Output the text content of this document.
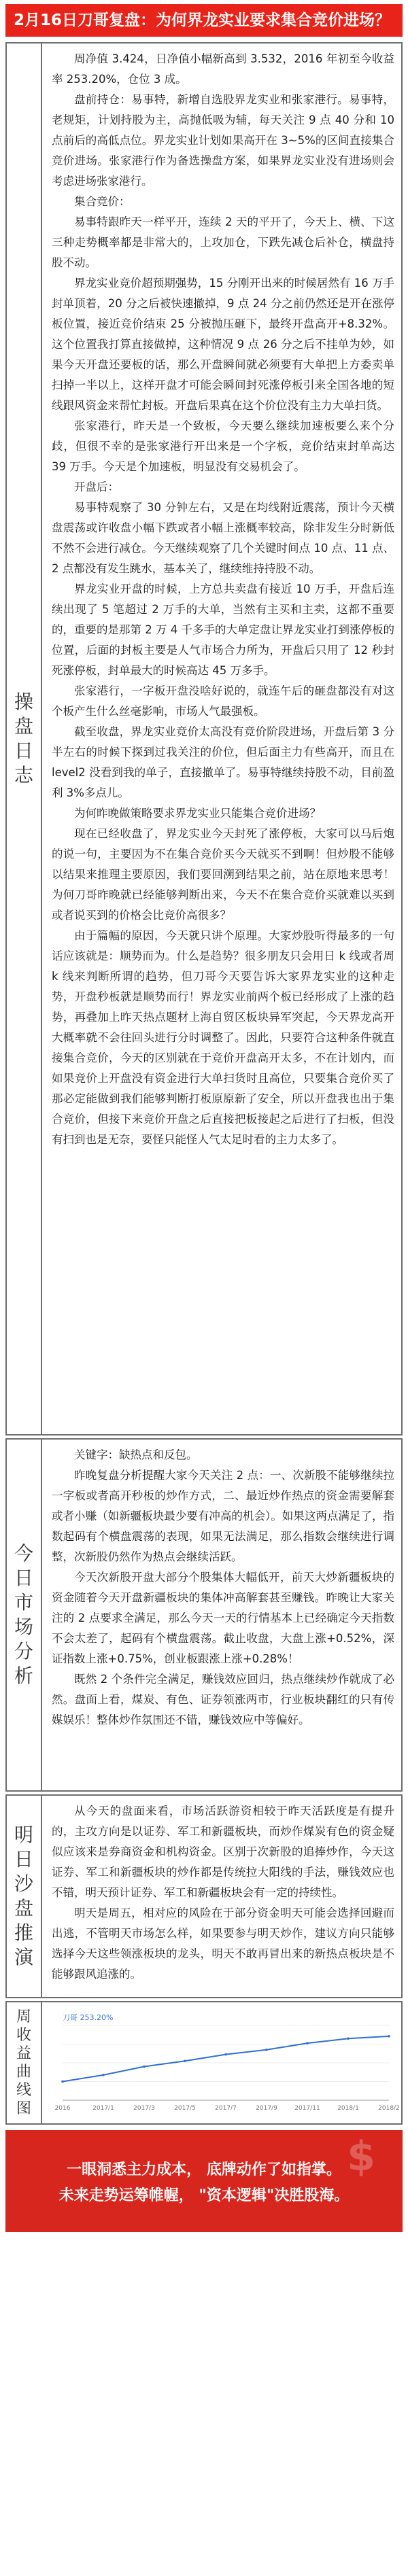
2月16日刀哥复盘：为何界龙实业要求集合竞价进场？
操盘日志

周净值 3.424，日净值小幅新高到 3.532，2016 年初至今收益率 253.20%，仓位 3 成。

盘前持仓：易事特，新增自选股界龙实业和张家港行。易事特，老规矩，计划持股为主，高抛低吸为辅，每天关注 9 点 40 分和 10 点前后的高低点位。界龙实业计划如果高开在 3~5%的区间直接集合竞价进场。张家港行作为备选操盘方案，如果界龙实业没有进场则会考虑进场张家港行。

集合竞价：

易事特跟昨天一样平开，连续 2 天的平开了，今天上、横、下这三种走势概率都是非常大的，上攻加仓，下跌先减仓后补仓，横盘持股不动。

界龙实业竞价超预期强势，15 分刚开出来的时候居然有 16 万手封单顶着，20 分之后被快速撤掉，9 点 24 分之前仍然还是开在涨停板位置，接近竞价结束 25 分被抛压砸下，最终开盘高开+8.32%。这个位置我打算直接做掉，这种情况 9 点 26 分之后不挂单为妙，如果今天开盘还要板的话，那么开盘瞬间就必须要有大单把上方委卖单扫掉一半以上，这样开盘才可能会瞬间封死涨停板引来全国各地的短线跟风资金来帮忙封板。开盘后果真在这个价位没有主力大单扫货。

张家港行，昨天是一个致板，今天要么继续加速板要么来个分歧，但很不幸的是张家港行开出来是一个字板，竞价结束封单高达 39 万手。今天是个加速板，明显没有交易机会了。

开盘后：

易事特观察了 30 分钟左右，又是在均线附近震荡，预计今天横盘震荡或许收盘小幅下跌或者小幅上涨概率较高，除非发生分时新低不然不会进行减仓。今天继续观察了几个关键时间点 10 点、11 点、2 点都没有发生跳水，基本关了，继续维持持股不动。

界龙实业开盘的时候，上方总共卖盘有接近 10 万手，开盘后连续出现了 5 笔超过 2 万手的大单，当然有主买和主卖，这都不重要的，重要的是那第 2 万 4 千多手的大单定盘让界龙实业打到涨停板的位置，后面的封板主要是人气市场合力所为，开盘后只用了 12 秒封死涨停板，封单最大的时候高达 45 万多手。

张家港行，一字板开盘没啥好说的，就连午后的砸盘都没有对这个板产生什么丝毫影响，市场人气最强板。

截至收盘，界龙实业竞价太高没有竞价阶段进场，开盘后第 3 分半左右的时候下探到过我关注的价位，但后面主力有些高开，而且在 level2 没看到我的单子，直接撤单了。易事特继续持股不动，目前盈利 3%多点儿。

为何昨晚做策略要求界龙实业只能集合竞价进场？

现在已经收盘了，界龙实业今天封死了涨停板，大家可以马后炮的说一句，主要因为不在集合竞价买今天就买不到啊！但炒股不能够以结果来推理主要原因，我们要回溯到结果之前，站在原地来思考！为何刀哥昨晚就已经能够判断出来，今天不在集合竞价买就难以买到或者说买到的价格会比竞价高很多？

由于篇幅的原因，今天就只讲个原理。大家炒股听得最多的一句话应该就是：顺势而为。什么是趋势？很多朋友只会用日 k 线或者周 k 线来判断所谓的趋势，但刀哥今天要告诉大家界龙实业的这种走势，开盘秒板就是顺势而行！界龙实业前两个板已经形成了上涨的趋势，再叠加上昨天热点题材上海自贸区板块异军突起，今天界龙高开大概率就不会往回头进行分时调整了。因此，只要符合这种条件就直接集合竞价，今天的区别就在于竞价开盘高开太多，不在计划内，而如果竞价上开盘没有资金进行大单扫货时且高位，只要集合竞价买了那必定能做到我们能够判断打板原原新了安全，所以开盘我也出于集合竞价，但接下来竞价开盘之后直接把板接起之后进行了扫板，但没有扫到也是无奈，要怪只能怪人气太足时看的主力太多了。

今日市场分析

关键字：缺热点和反包。

昨晚复盘分析提醒大家今天关注 2 点：一、次新股不能够继续拉一字板或者高开秒板的炒作方式，二、最近炒作热点的资金需要解套或者小赚（如新疆板块最少要有冲高的机会）。如果这两点满足了，指数起码有个横盘震荡的表现，如果无法满足，那么指数会继续进行调整，次新股仍然作为热点会继续活跃。

今天次新股开盘大部分个股集体大幅低开，前天大炒新疆板块的资金随着今天开盘新疆板块的集体冲高解套甚至赚钱。昨晚让大家关注的 2 点要求全满足，那么今天一天的行情基本上已经确定今天指数不会太差了，起码有个横盘震荡。截止收盘，大盘上涨+0.52%，深证指数上涨+0.75%，创业板跟涨上涨+0.28%！

既然 2 个条件完全满足，赚钱效应回归，热点继续炒作就成了必然。盘面上看，煤炭、有色、证券领涨两市，行业板块翻红的只有传媒娱乐！整体炒作氛围还不错，赚钱效应中等偏好。

明日沙盘推演

从今天的盘面来看，市场活跃游资相较于昨天活跃度是有提升的，主攻方向是以证券、军工和新疆板块，而炒作煤炭有色的资金疑似应该来是券商资金和机构资金。区别于次新股的追捧炒作，今天这证券、军工和新疆板块的炒作都是传统拉大阳线的手法，赚钱效应也不错，明天预计证券、军工和新疆板块会有一定的持续性。

明天是周五，相对应的风险在于部分资金明天可能会选择回避而出逃，不管明天市场怎么样，如果要参与明天炒作，建议方向只能够选择今天这些领涨板块的龙头，明天不敢再冒出来的新热点板块是不能够跟风追涨的。

周收益曲线图	2016	2017/1	2017/3	2017/5	2017/7	2017/9	2017/11	2018/1	2018/2
刀哥 253.20%
$
一眼洞悉主力成本， 底牌动作了如指掌。
未来走势运筹帷幄， "资本逻辑"决胜股海。
